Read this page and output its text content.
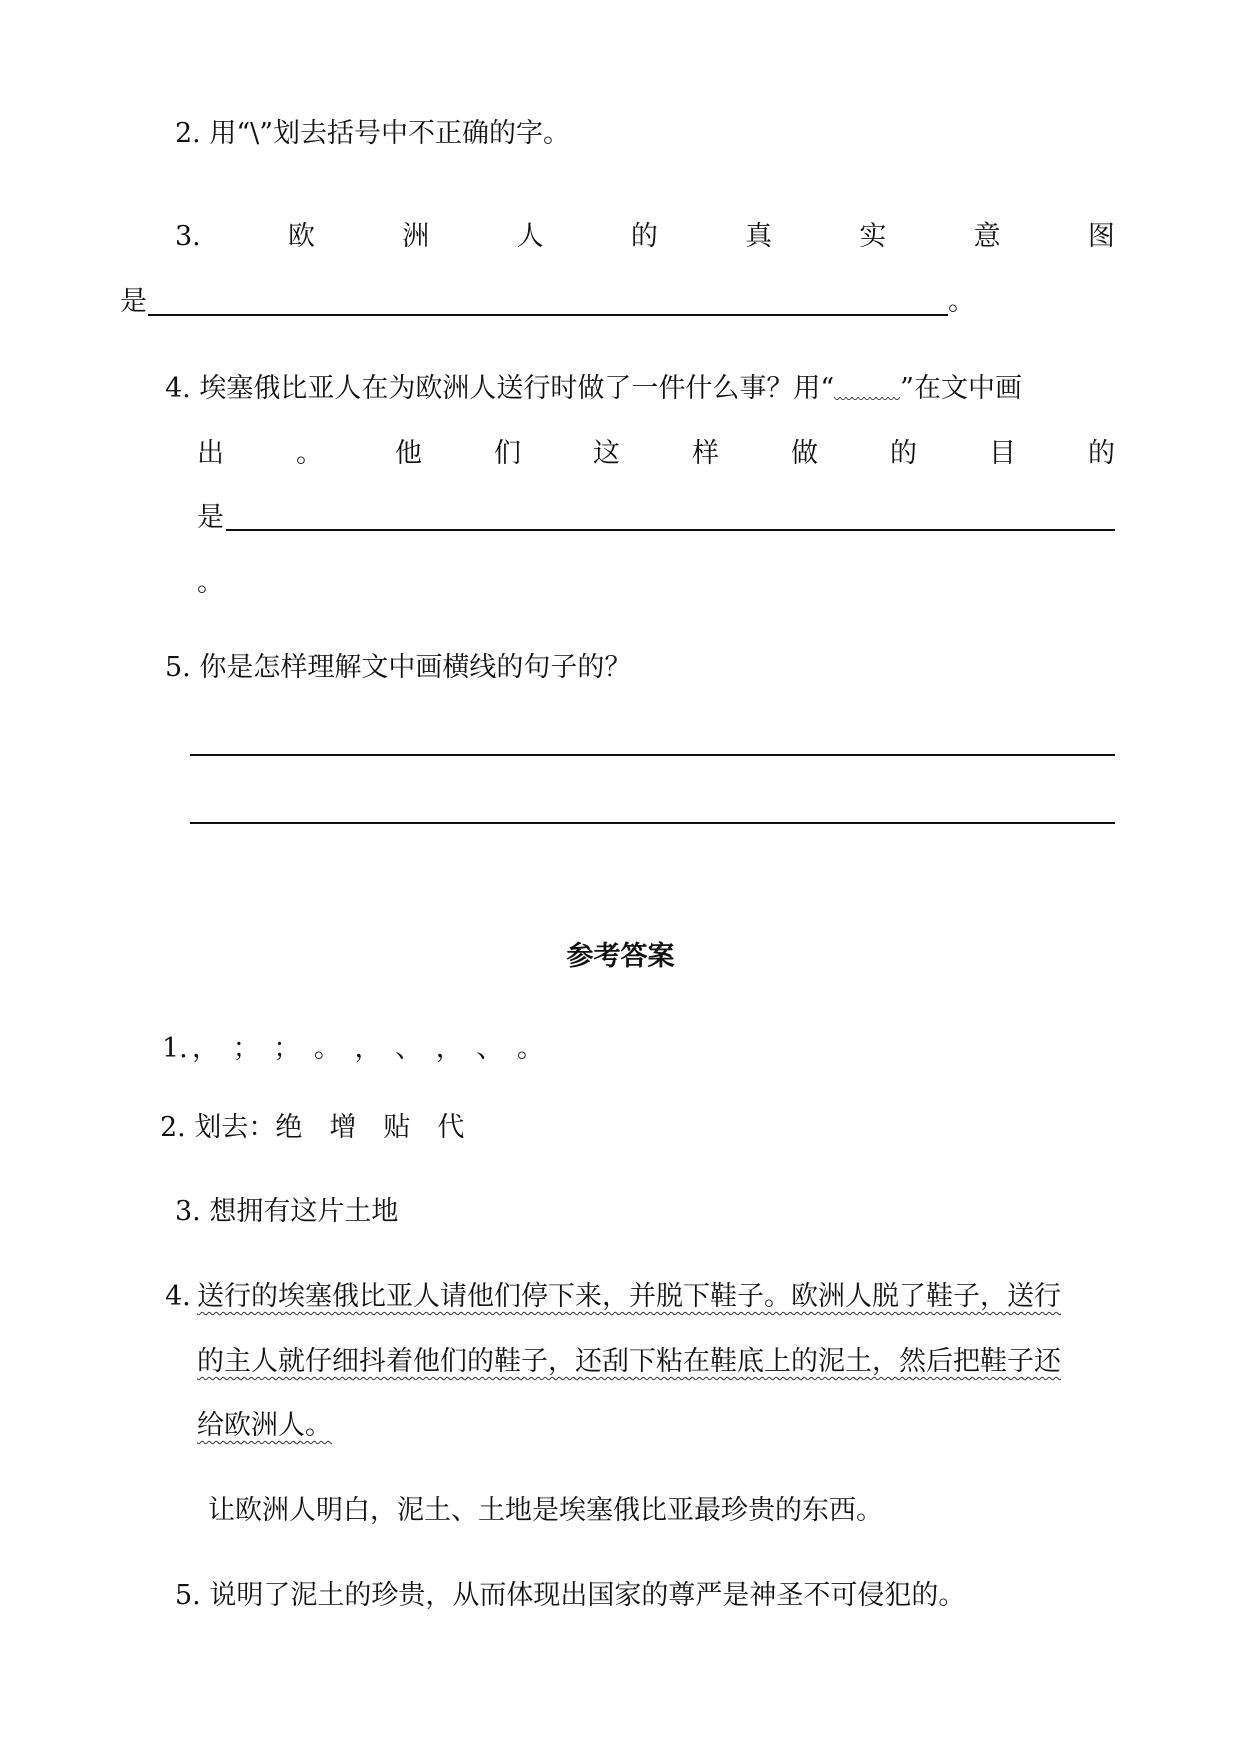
2. 用“\”划去括号中不正确的字。
3.	欧	洲	人	的	真	实	意	图
是	。
4. 埃塞俄比亚人在为欧洲人送行时做了一件什么事？用“ ”在文中画
出	。	他	们	这	样	做	的	目	的
是
。
5. 你是怎样理解文中画横线的句子的？
参考答案
1. ， ； ； 。 ， 、 ， 、 。
2. 划去：绝　增　贴　代
3. 想拥有这片土地
4. 送行的埃塞俄比亚人请他们停下来，并脱下鞋子。欧洲人脱了鞋子，送行
的主人就仔细抖着他们的鞋子，还刮下粘在鞋底上的泥土，然后把鞋子还
给欧洲人。
让欧洲人明白，泥土、土地是埃塞俄比亚最珍贵的东西。
5. 说明了泥土的珍贵，从而体现出国家的尊严是神圣不可侵犯的。
